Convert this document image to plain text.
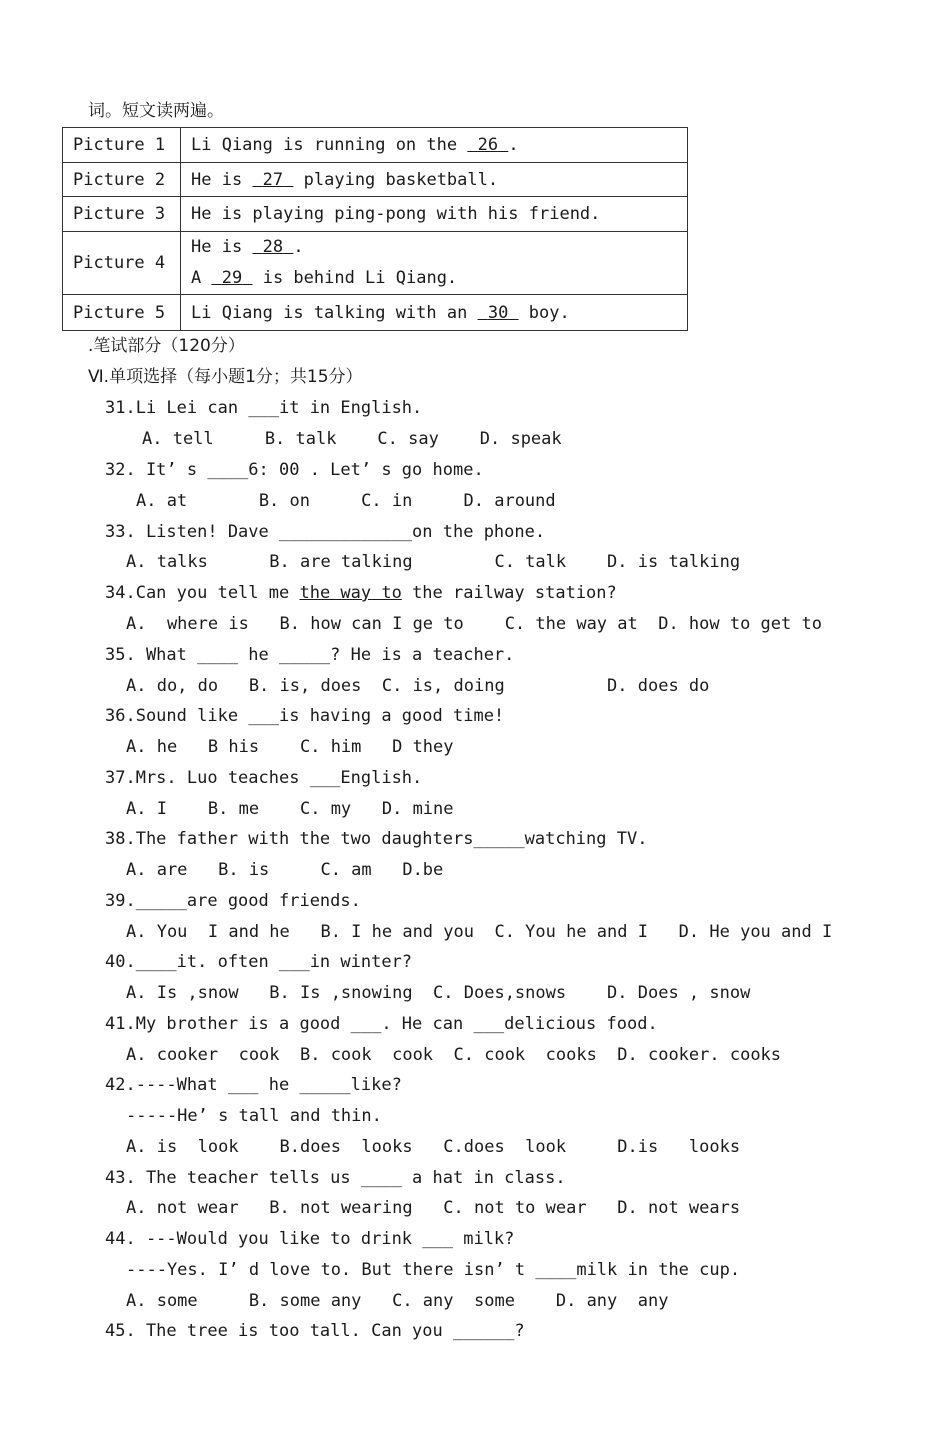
词。短文读两遍。
Picture 1	Li Qiang is running on the  26 .
Picture 2	He is  27  playing basketball.
Picture 3	He is playing ping-pong with his friend.
Picture 4	He is  28 .
A  29  is behind Li Qiang.
Picture 5	Li Qiang is talking with an  30  boy.
.笔试部分（120分）
Ⅵ.单项选择（每小题1分；共15分）
31.Li Lei can ___it in English.
A. tell     B. talk    C. say    D. speak
32. It’ s ____6: 00 . Let’ s go home.
A. at       B. on     C. in     D. around
33. Listen! Dave _____________on the phone.
A. talks      B. are talking        C. talk    D. is talking
34.Can you tell me the way to the railway station?
A.  where is   B. how can I ge to    C. the way at  D. how to get to
35. What ____ he _____? He is a teacher.
A. do, do   B. is, does  C. is, doing          D. does do
36.Sound like ___is having a good time!
A. he   B his    C. him   D they
37.Mrs. Luo teaches ___English.
A. I    B. me    C. my   D. mine
38.The father with the two daughters_____watching TV.
A. are   B. is     C. am   D.be
39._____are good friends.
A. You  I and he   B. I he and you  C. You he and I   D. He you and I
40.____it. often ___in winter?
A. Is ,snow   B. Is ,snowing  C. Does,snows    D. Does , snow
41.My brother is a good ___. He can ___delicious food.
A. cooker  cook  B. cook  cook  C. cook  cooks  D. cooker. cooks
42.----What ___ he _____like?
-----He’ s tall and thin.
A. is  look    B.does  looks   C.does  look     D.is   looks
43. The teacher tells us ____ a hat in class.
A. not wear   B. not wearing   C. not to wear   D. not wears
44. ---Would you like to drink ___ milk?
----Yes. I’ d love to. But there isn’ t ____milk in the cup.
A. some     B. some any   C. any  some    D. any  any
45. The tree is too tall. Can you ______?
